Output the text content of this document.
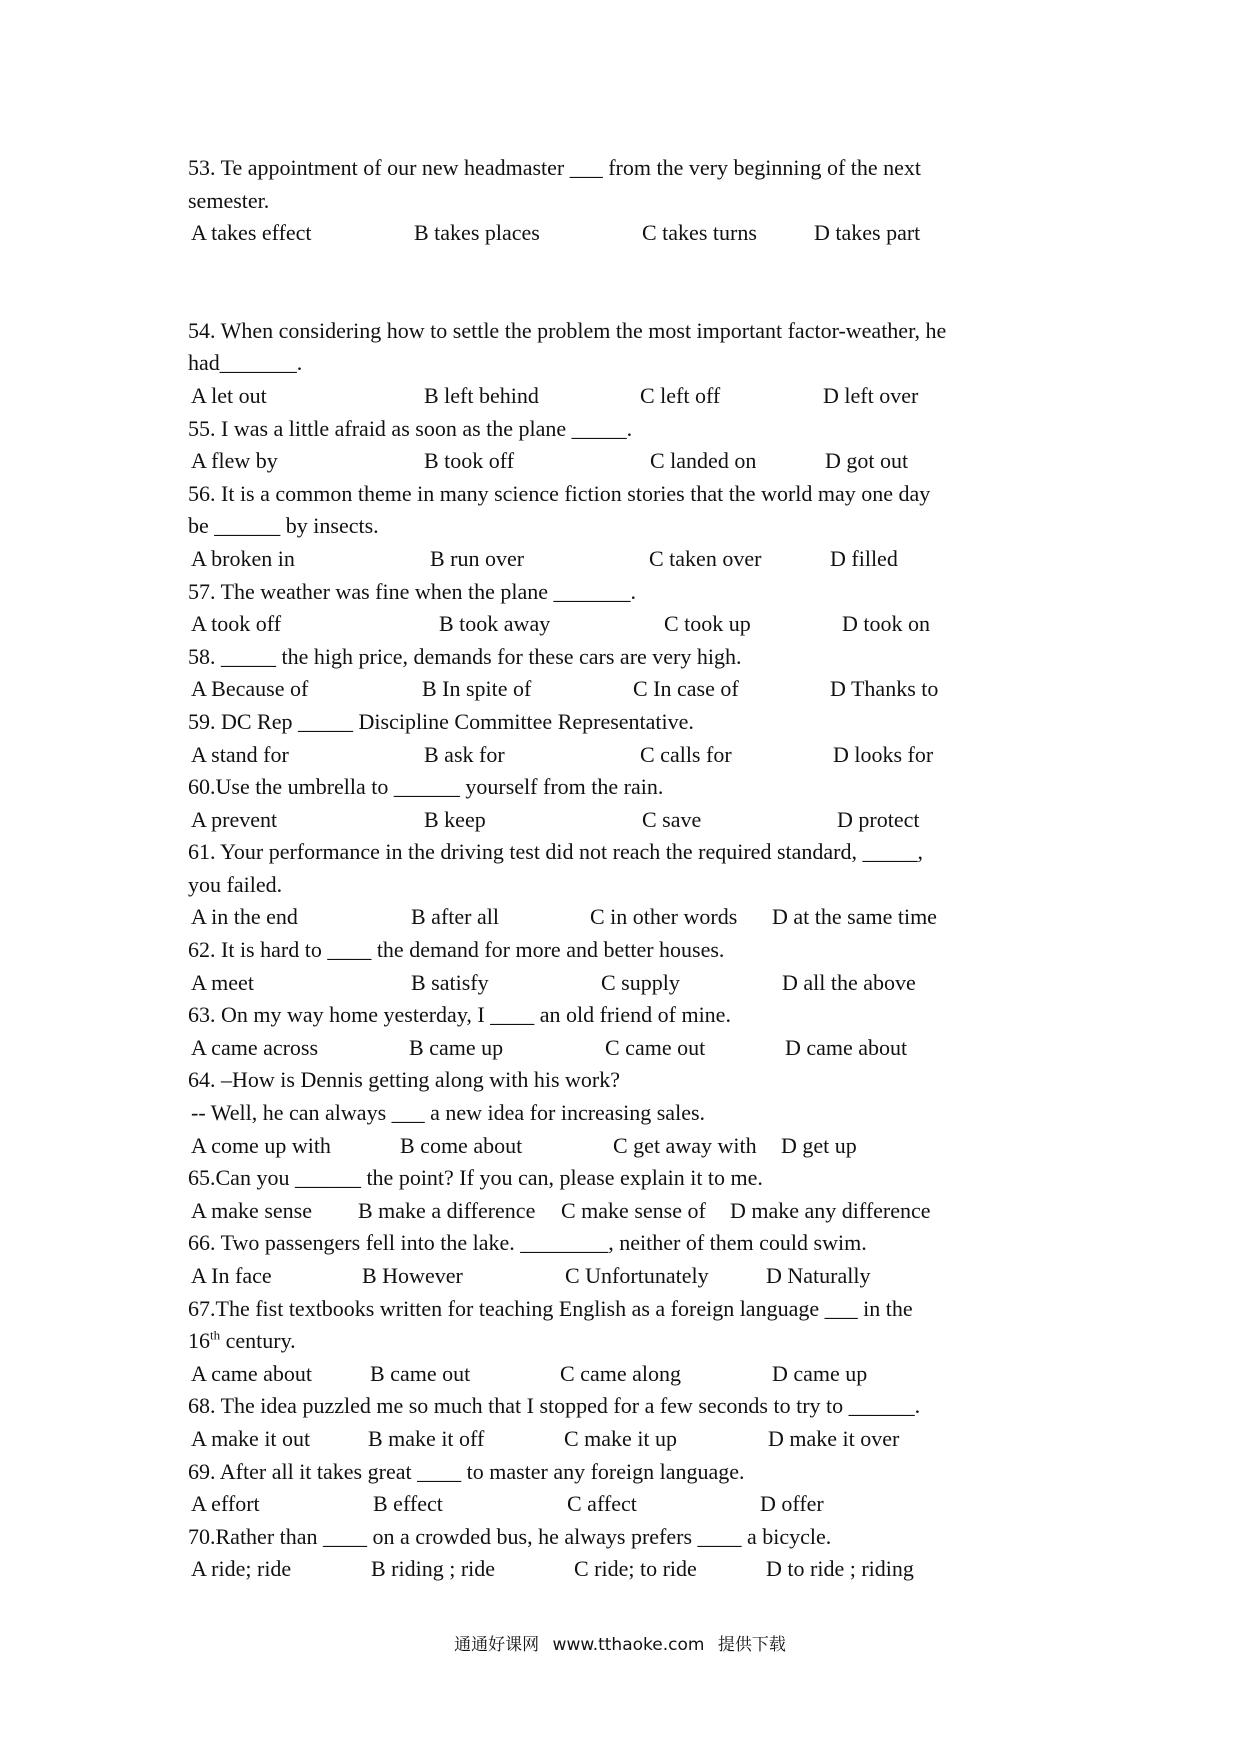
53. Te appointment of our new headmaster ___ from the very beginning of the next
semester.
A takes effect	B takes places	C takes turns	D takes part
54. When considering how to settle the problem the most important factor-weather, he
had_______.
A let out	B left behind	C left off	D left over
55. I was a little afraid as soon as the plane _____.
A flew by	B took off	C landed on	D got out
56. It is a common theme in many science fiction stories that the world may one day
be ______ by insects.
A broken in	B run over	C taken over	D filled
57. The weather was fine when the plane _______.
A took off	B took away	C took up	D took on
58. _____ the high price, demands for these cars are very high.
A Because of	B In spite of	C In case of	D Thanks to
59. DC Rep _____ Discipline Committee Representative.
A stand for	B ask for	C calls for	D looks for
60.Use the umbrella to ______ yourself from the rain.
A prevent	B keep	C save	D protect
61. Your performance in the driving test did not reach the required standard, _____,
you failed.
A in the end	B after all	C in other words D at the same time
62. It is hard to ____ the demand for more and better houses.
A meet	B satisfy	C supply	D all the above
63. On my way home yesterday, I ____ an old friend of mine.
A came across	B came up	C came out	D came about
64. –How is Dennis getting along with his work?
-- Well, he can always ___ a new idea for increasing sales.
A come up with	B come about	C get away with D get up
65.Can you ______ the point? If you can, please explain it to me.
A make sense B make a difference C make sense of D make any difference
66. Two passengers fell into the lake. ________, neither of them could swim.
A In face	B However	C Unfortunately	D Naturally
67.The fist textbooks written for teaching English as a foreign language ___ in the
16th century.
A came about	B came out	C came along	D came up
68. The idea puzzled me so much that I stopped for a few seconds to try to ______.
A make it out	B make it off	C make it up	D make it over
69. After all it takes great ____ to master any foreign language.
A effort	B effect	C affect	D offer
70.Rather than ____ on a crowded bus, he always prefers ____ a bicycle.
A ride; ride	B riding ; ride	C ride; to ride	D to ride ; riding
通通好课网 www.tthaoke.com 提供下载
